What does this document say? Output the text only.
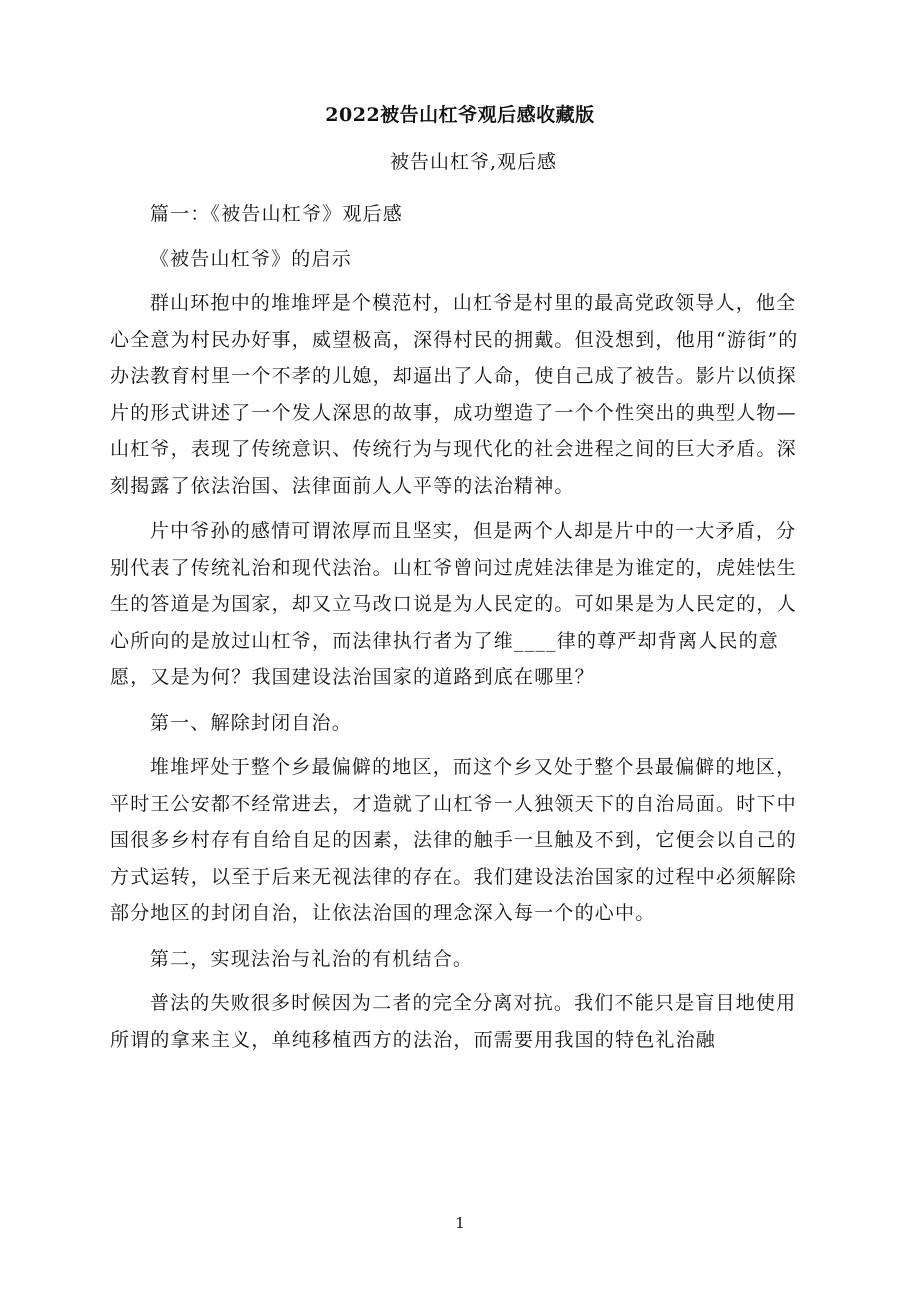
2022被告山杠爷观后感收藏版
被告山杠爷,观后感

篇一：《被告山杠爷》观后感

《被告山杠爷》的启示

群山环抱中的堆堆坪是个模范村，山杠爷是村里的最高党政领导人，他全心全意为村民办好事，威望极高，深得村民的拥戴。但没想到，他用“游街”的办法教育村里一个不孝的儿媳，却逼出了人命，使自己成了被告。影片以侦探片的形式讲述了一个发人深思的故事，成功塑造了一个个性突出的典型人物—山杠爷，表现了传统意识、传统行为与现代化的社会进程之间的巨大矛盾。深刻揭露了依法治国、法律面前人人平等的法治精神。

片中爷孙的感情可谓浓厚而且坚实，但是两个人却是片中的一大矛盾，分别代表了传统礼治和现代法治。山杠爷曾问过虎娃法律是为谁定的，虎娃怯生生的答道是为国家，却又立马改口说是为人民定的。可如果是为人民定的，人心所向的是放过山杠爷，而法律执行者为了维____律的尊严却背离人民的意愿，又是为何？我国建设法治国家的道路到底在哪里？

第一、解除封闭自治。

堆堆坪处于整个乡最偏僻的地区，而这个乡又处于整个县最偏僻的地区，平时王公安都不经常进去，才造就了山杠爷一人独领天下的自治局面。时下中国很多乡村存有自给自足的因素，法律的触手一旦触及不到，它便会以自己的方式运转，以至于后来无视法律的存在。我们建设法治国家的过程中必须解除部分地区的封闭自治，让依法治国的理念深入每一个的心中。

第二，实现法治与礼治的有机结合。

普法的失败很多时候因为二者的完全分离对抗。我们不能只是盲目地使用所谓的拿来主义，单纯移植西方的法治，而需要用我国的特色礼治融

1
